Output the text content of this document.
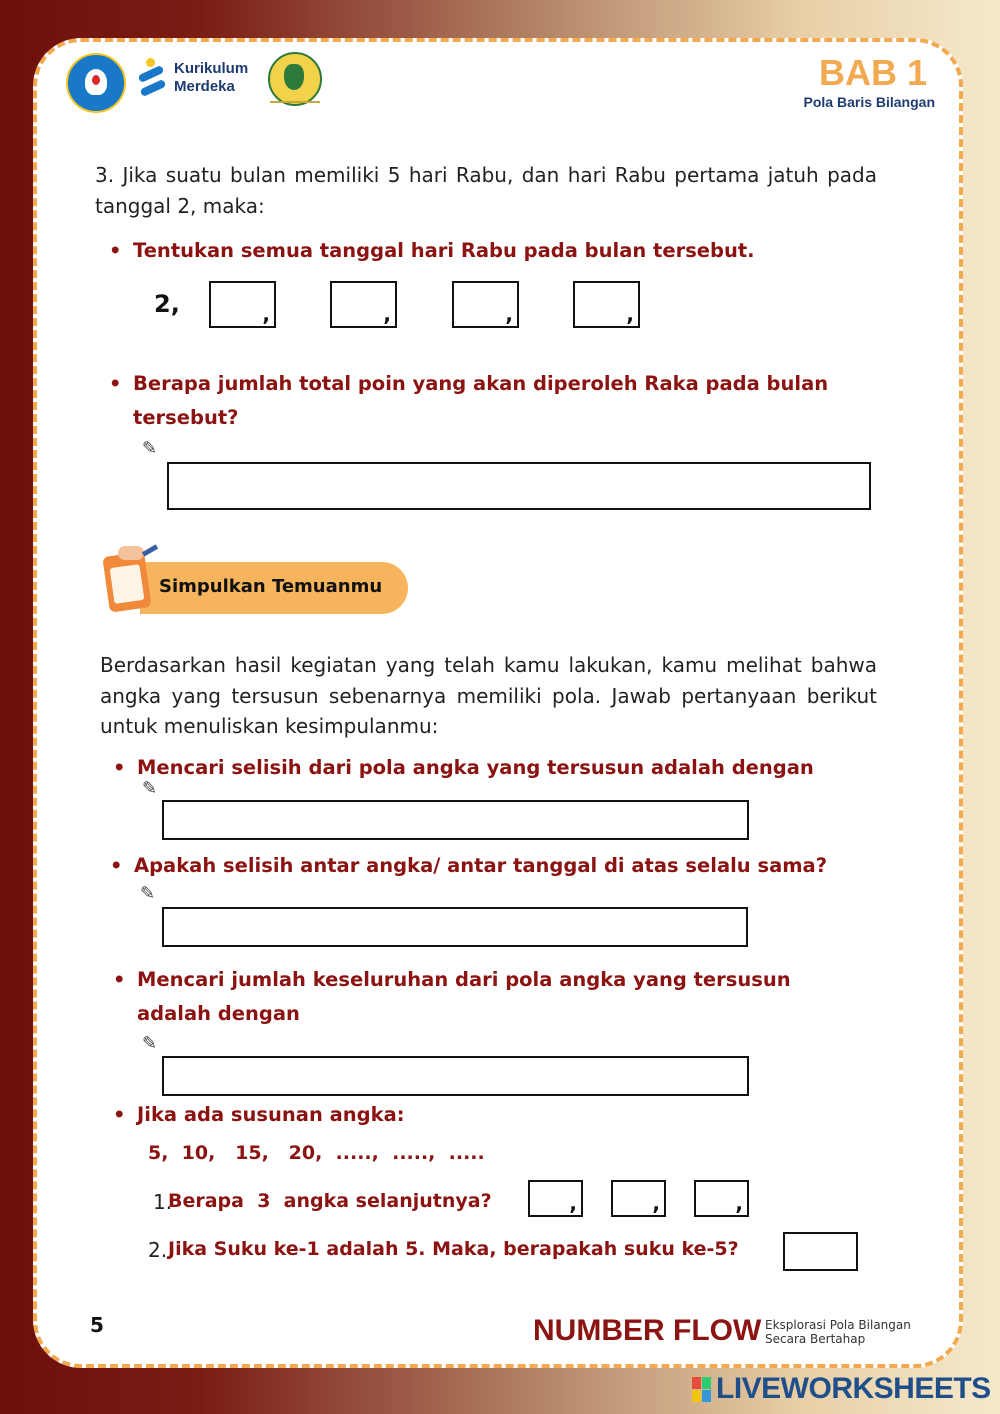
Kurikulum
Merdeka	BAB 1
Pola Baris Bilangan
3. Jika suatu bulan memiliki 5 hari Rabu, dan hari Rabu pertama jatuh pada tanggal 2, maka:
• Tentukan semua tanggal hari Rabu pada bulan tersebut.
2,	,	,	,	,
• Berapa jumlah total poin yang akan diperoleh Raka pada bulan tersebut?
✎
Simpulkan Temuanmu
Berdasarkan hasil kegiatan yang telah kamu lakukan, kamu melihat bahwa angka yang tersusun sebenarnya memiliki pola. Jawab pertanyaan berikut untuk menuliskan kesimpulanmu:
• Mencari selisih dari pola angka yang tersusun adalah dengan
✎
• Apakah selisih antar angka/ antar tanggal di atas selalu sama?
✎
• Mencari jumlah keseluruhan dari pola angka yang tersusun adalah dengan
✎
• Jika ada susunan angka:
5,  10,   15,   20,  .....,  .....,  .....
1.
Berapa  3  angka selanjutnya?	,	,	,
2. Jika Suku ke-1 adalah 5. Maka, berapakah suku ke-5?
5	NUMBER FLOW Eksplorasi Pola Bilangan
Secara Bertahap
LIVEWORKSHEETS
